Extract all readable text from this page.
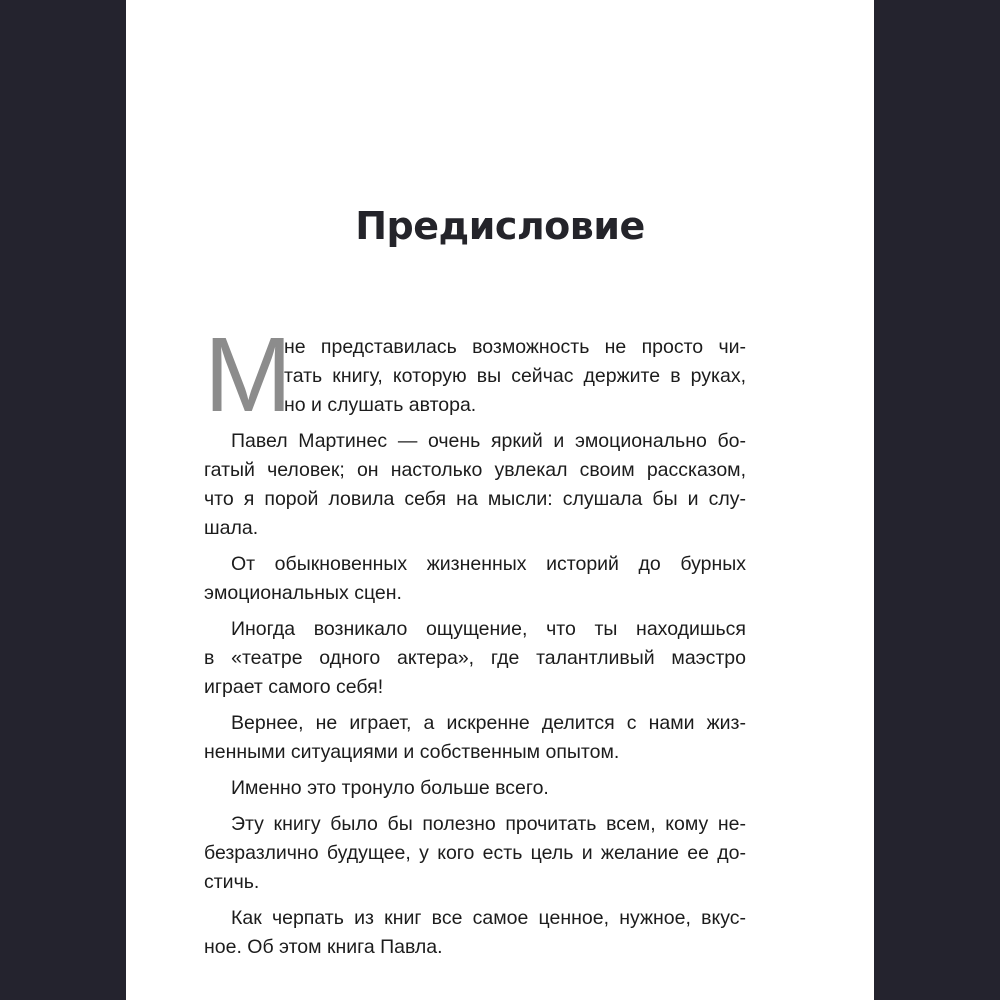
Предисловие
М
не представилась возможность не просто чи-
тать книгу, которую вы сейчас держите в руках,
но и слушать автора.
Павел Мартинес — очень яркий и эмоционально бо-
гатый человек; он настолько увлекал своим рассказом,
что я порой ловила себя на мысли: слушала бы и слу-
шала.
От обыкновенных жизненных историй до бурных
эмоциональных сцен.
Иногда возникало ощущение, что ты находишься
в «театре одного актера», где талантливый маэстро
играет самого себя!
Вернее, не играет, а искренне делится с нами жиз-
ненными ситуациями и собственным опытом.
Именно это тронуло больше всего.
Эту книгу было бы полезно прочитать всем, кому не-
безразлично будущее, у кого есть цель и желание ее до-
стичь.
Как черпать из книг все самое ценное, нужное, вкус-
ное. Об этом книга Павла.
